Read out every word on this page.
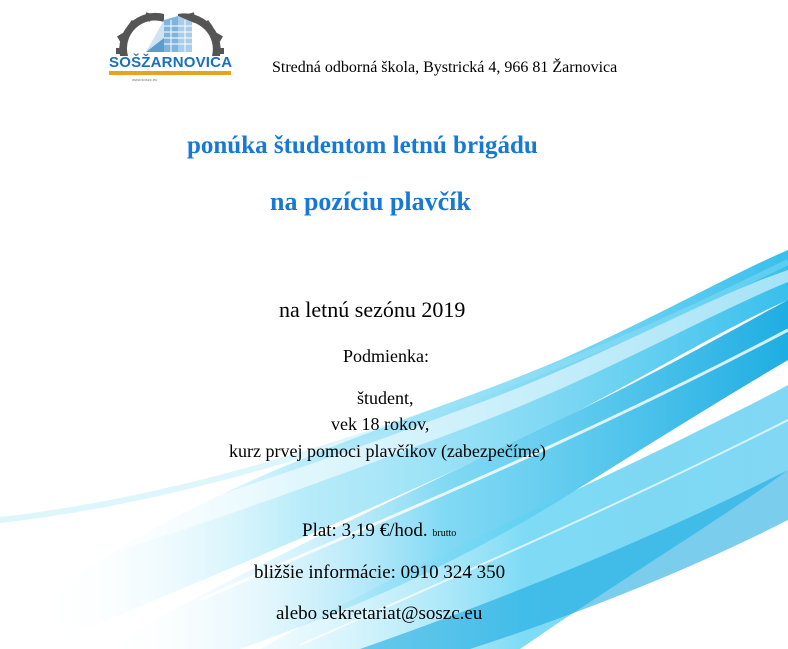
SOŠŽARNOVICA
www.soszc.eu
Stredná odborná škola, Bystrická 4, 966 81 Žarnovica
ponúka študentom letnú brigádu
na pozíciu plavčík
na letnú sezónu 2019
Podmienka:
študent,
vek 18 rokov,
kurz prvej pomoci plavčíkov (zabezpečíme)
Plat: 3,19 €/hod. brutto
bližšie informácie: 0910 324 350
alebo sekretariat@soszc.eu
